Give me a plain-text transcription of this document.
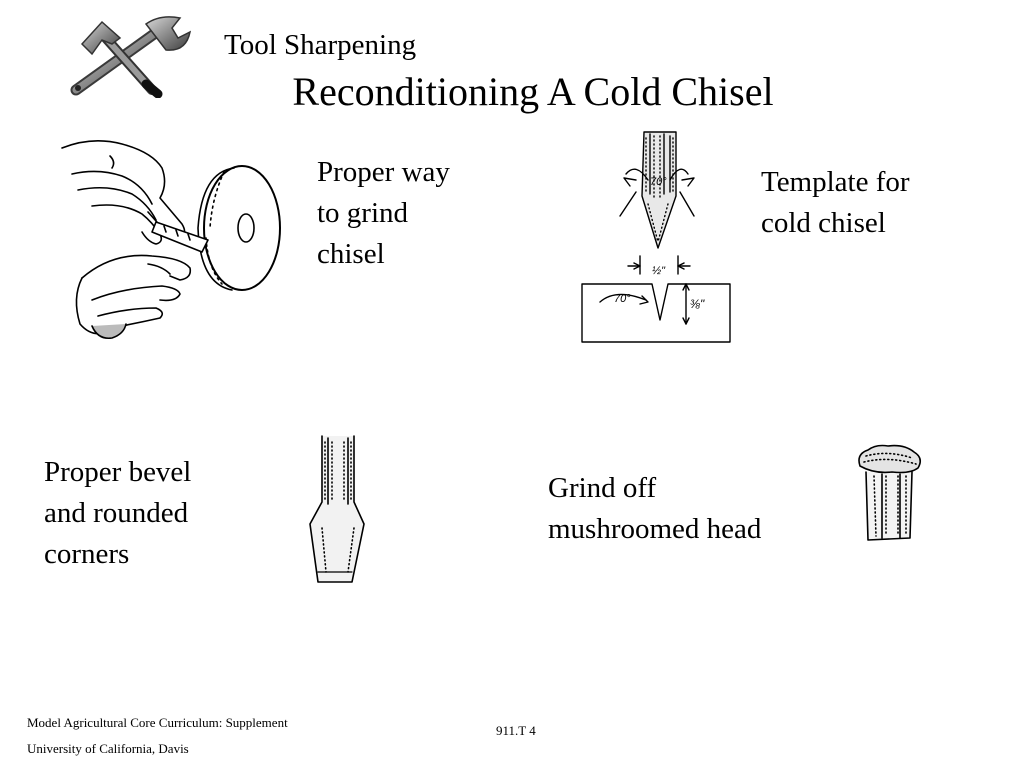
Tool Sharpening
Reconditioning A Cold Chisel
Proper way
to grind
chisel
70°
½"
70°	⅜"
Template for
cold chisel
Proper bevel
and rounded
corners
Grind off
mushroomed head
Model Agricultural Core Curriculum: Supplement
University of California, Davis
911.T 4
